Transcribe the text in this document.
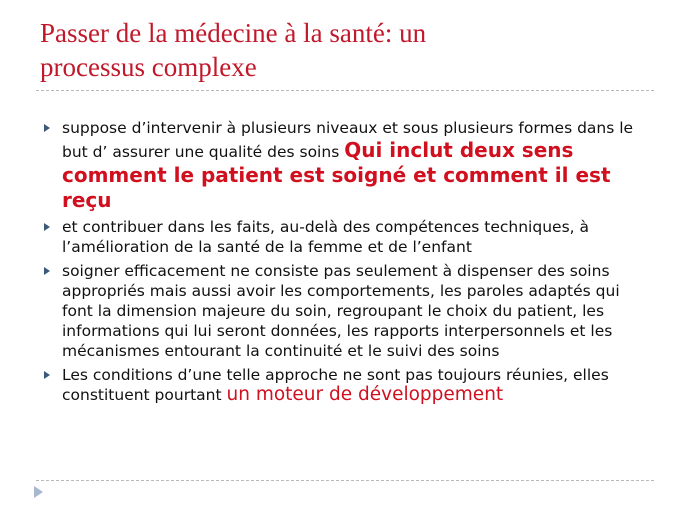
Passer de la médecine à la santé: un
processus complexe
suppose d’intervenir à plusieurs niveaux et sous plusieurs formes dans le but d’ assurer une qualité des soins Qui inclut deux sens comment le patient est soigné et comment il est reçu
et contribuer dans les faits, au-delà des compétences techniques, à l’amélioration de la santé de la femme et de l’enfant
soigner efficacement ne consiste pas seulement à dispenser des soins appropriés mais aussi avoir les comportements, les paroles adaptés qui font la dimension majeure du soin, regroupant le choix du patient, les informations qui lui seront données, les rapports interpersonnels et les mécanismes entourant la continuité et le suivi des soins
Les conditions d’une telle approche ne sont pas toujours réunies, elles constituent pourtant un moteur de développement
